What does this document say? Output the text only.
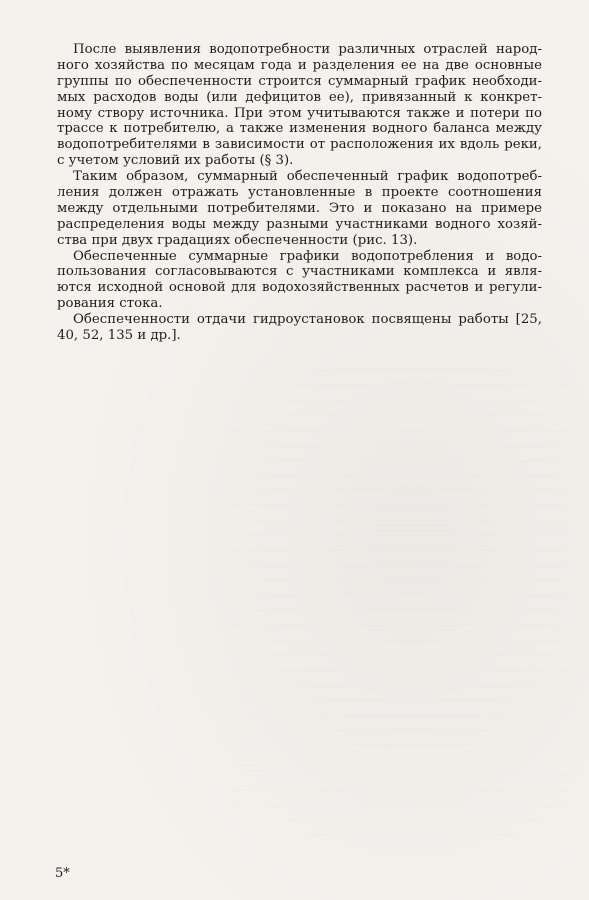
После выявления водопотребности различных отраслей народ-
ного хозяйства по месяцам года и разделения ее на две основные
группы по обеспеченности строится суммарный график необходи-
мых расходов воды (или дефицитов ее), привязанный к конкрет-
ному створу источника. При этом учитываются также и потери по
трассе к потребителю, а также изменения водного баланса между
водопотребителями в зависимости от расположения их вдоль реки,
с учетом условий их работы (§ 3).

Таким образом, суммарный обеспеченный график водопотреб-
ления должен отражать установленные в проекте соотношения
между отдельными потребителями. Это и показано на примере
распределения воды между разными участниками водного хозяй-
ства при двух градациях обеспеченности (рис. 13).

Обеспеченные суммарные графики водопотребления и водо-
пользования согласовываются с участниками комплекса и явля-
ются исходной основой для водохозяйственных расчетов и регули-
рования стока.

Обеспеченности отдачи гидроустановок посвящены работы [25,
40, 52, 135 и др.].

5*
